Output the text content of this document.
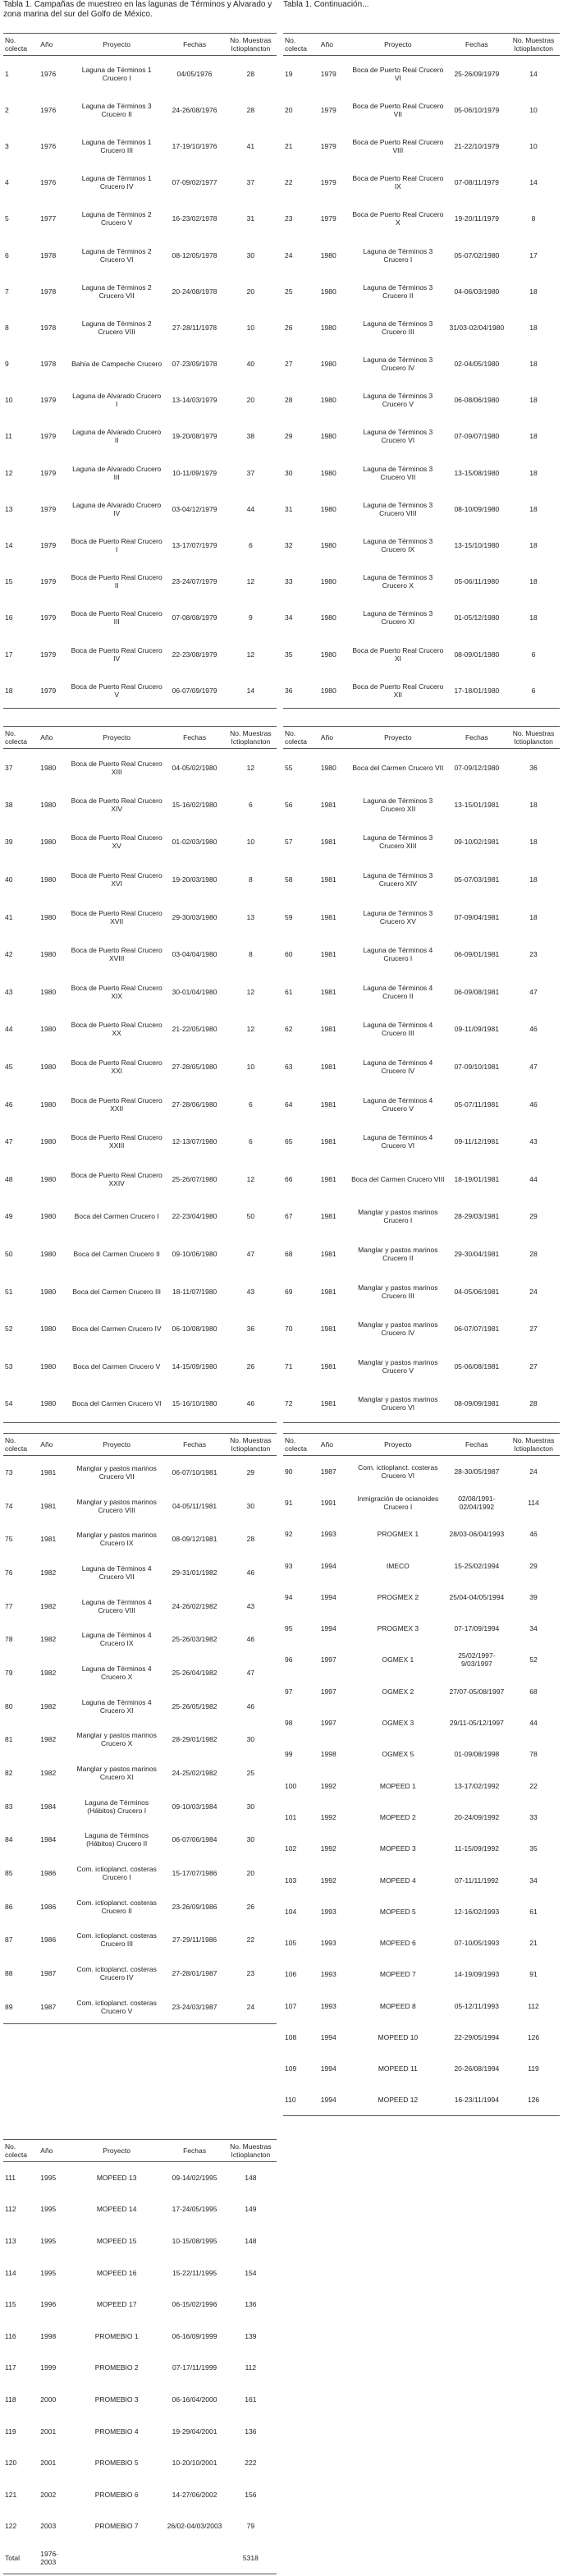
Tabla 1. Campañas de muestreo en las lagunas de Términos y Alvarado y zona marina del sur del Golfo de México.
Tabla 1. Continuación...
No. colecta	Año	Proyecto	Fechas	No. Muestras Ictioplancton
1	1976	Laguna de Términos 1 Crucero I	04/05/1976	28
2	1976	Laguna de Términos 3 Crucero II	24-26/08/1976	28
3	1976	Laguna de Términos 1 Crucero III	17-19/10/1976	41
4	1976	Laguna de Términos 1 Crucero IV	07-09/02/1977	37
5	1977	Laguna de Términos 2 Crucero V	16-23/02/1978	31
6	1978	Laguna de Términos 2 Crucero VI	08-12/05/1978	30
7	1978	Laguna de Términos 2 Crucero VII	20-24/08/1978	20
8	1978	Laguna de Términos 2 Crucero VIII	27-28/11/1978	10
9	1978	Bahía de Campeche Crucero	07-23/09/1978	40
10	1979	Laguna de Alvarado Crucero I	13-14/03/1979	20
11	1979	Laguna de Alvarado Crucero II	19-20/08/1979	38
12	1979	Laguna de Alvarado Crucero III	10-11/09/1979	37
13	1979	Laguna de Alvarado Crucero IV	03-04/12/1979	44
14	1979	Boca de Puerto Real Crucero I	13-17/07/1979	6
15	1979	Boca de Puerto Real Crucero II	23-24/07/1979	12
16	1979	Boca de Puerto Real Crucero III	07-08/08/1979	9
17	1979	Boca de Puerto Real Crucero IV	22-23/08/1979	12
18	1979	Boca de Puerto Real Crucero V	06-07/09/1979	14
No. colecta	Año	Proyecto	Fechas	No. Muestras Ictioplancton
19	1979	Boca de Puerto Real Crucero VI	25-26/09/1979	14
20	1979	Boca de Puerto Real Crucero VII	05-06/10/1979	10
21	1979	Boca de Puerto Real Crucero VIII	21-22/10/1979	10
22	1979	Boca de Puerto Real Crucero IX	07-08/11/1979	14
23	1979	Boca de Puerto Real Crucero X	19-20/11/1979	8
24	1980	Laguna de Términos 3 Crucero I	05-07/02/1980	17
25	1980	Laguna de Términos 3 Crucero II	04-06/03/1980	18
26	1980	Laguna de Términos 3 Crucero III	31/03-02/04/1980	18
27	1980	Laguna de Términos 3 Crucero IV	02-04/05/1980	18
28	1980	Laguna de Términos 3 Crucero V	06-08/06/1980	18
29	1980	Laguna de Términos 3 Crucero VI	07-09/07/1980	18
30	1980	Laguna de Términos 3 Crucero VII	13-15/08/1980	18
31	1980	Laguna de Términos 3 Crucero VIII	08-10/09/1980	18
32	1980	Laguna de Términos 3 Crucero IX	13-15/10/1980	18
33	1980	Laguna de Términos 3 Crucero X	05-06/11/1980	18
34	1980	Laguna de Términos 3 Crucero XI	01-05/12/1980	18
35	1980	Boca de Puerto Real Crucero XI	08-09/01/1980	6
36	1980	Boca de Puerto Real Crucero XII	17-18/01/1980	6
No. colecta	Año	Proyecto	Fechas	No. Muestras Ictioplancton
37	1980	Boca de Puerto Real Crucero XIII	04-05/02/1980	12
38	1980	Boca de Puerto Real Crucero XIV	15-16/02/1980	6
39	1980	Boca de Puerto Real Crucero XV	01-02/03/1980	10
40	1980	Boca de Puerto Real Crucero XVI	19-20/03/1980	8
41	1980	Boca de Puerto Real Crucero XVII	29-30/03/1980	13
42	1980	Boca de Puerto Real Crucero XVIII	03-04/04/1980	8
43	1980	Boca de Puerto Real Crucero XIX	30-01/04/1980	12
44	1980	Boca de Puerto Real Crucero XX	21-22/05/1980	12
45	1980	Boca de Puerto Real Crucero XXI	27-28/05/1980	10
46	1980	Boca de Puerto Real Crucero XXII	27-28/06/1980	6
47	1980	Boca de Puerto Real Crucero XXIII	12-13/07/1980	6
48	1980	Boca de Puerto Real Crucero XXIV	25-26/07/1980	12
49	1980	Boca del Carmen Crucero I	22-23/04/1980	50
50	1980	Boca del Carmen Crucero II	09-10/06/1980	47
51	1980	Boca del Carmen Crucero III	18-11/07/1980	43
52	1980	Boca del Carmen Crucero IV	06-10/08/1980	36
53	1980	Boca del Carmen Crucero V	14-15/09/1980	26
54	1980	Boca del Carmen Crucero VI	15-16/10/1980	46
No. colecta	Año	Proyecto	Fechas	No. Muestras Ictioplancton
55	1980	Boca del Carmen Crucero VII	07-09/12/1980	36
56	1981	Laguna de Términos 3 Crucero XII	13-15/01/1981	18
57	1981	Laguna de Términos 3 Crucero XIII	09-10/02/1981	18
58	1981	Laguna de Términos 3 Crucero XIV	05-07/03/1981	18
59	1981	Laguna de Términos 3 Crucero XV	07-09/04/1981	18
60	1981	Laguna de Términos 4 Crucero I	06-09/01/1981	23
61	1981	Laguna de Términos 4 Crucero II	06-09/08/1981	47
62	1981	Laguna de Términos 4 Crucero III	09-11/09/1981	46
63	1981	Laguna de Términos 4 Crucero IV	07-09/10/1981	47
64	1981	Laguna de Términos 4 Crucero V	05-07/11/1981	46
65	1981	Laguna de Términos 4 Crucero VI	09-11/12/1981	43
66	1981	Boca del Carmen Crucero VIII	18-19/01/1981	44
67	1981	Manglar y pastos marinos Crucero I	28-29/03/1981	29
68	1981	Manglar y pastos marinos Crucero II	29-30/04/1981	28
69	1981	Manglar y pastos marinos Crucero III	04-05/06/1981	24
70	1981	Manglar y pastos marinos Crucero IV	06-07/07/1981	27
71	1981	Manglar y pastos marinos Crucero V	05-06/08/1981	27
72	1981	Manglar y pastos marinos Crucero VI	08-09/09/1981	28
No. colecta	Año	Proyecto	Fechas	No. Muestras Ictioplancton
73	1981	Manglar y pastos marinos Crucero VII	06-07/10/1981	29
74	1981	Manglar y pastos marinos Crucero VIII	04-05/11/1981	30
75	1981	Manglar y pastos marinos Crucero IX	08-09/12/1981	28
76	1982	Laguna de Términos 4 Crucero VII	29-31/01/1982	46
77	1982	Laguna de Términos 4 Crucero VIII	24-26/02/1982	43
78	1982	Laguna de Términos 4 Crucero IX	25-26/03/1982	46
79	1982	Laguna de Términos 4 Crucero X	25-26/04/1982	47
80	1982	Laguna de Términos 4 Crucero XI	25-26/05/1982	46
81	1982	Manglar y pastos marinos Crucero X	28-29/01/1982	30
82	1982	Manglar y pastos marinos Crucero XI	24-25/02/1982	25
83	1984	Laguna de Términos (Hábitos) Crucero I	09-10/03/1984	30
84	1984	Laguna de Términos (Hábitos) Crucero II	06-07/06/1984	30
85	1986	Com. ictioplanct. costeras Crucero I	15-17/07/1986	20
86	1986	Com. ictioplanct. costeras Crucero II	23-26/09/1986	26
87	1986	Com. ictioplanct. costeras Crucero III	27-29/11/1986	22
88	1987	Com. ictioplanct. costeras Crucero IV	27-28/01/1987	23
89	1987	Com. ictioplanct. costeras Crucero V	23-24/03/1987	24
No. colecta	Año	Proyecto	Fechas	No. Muestras Ictioplancton
90	1987	Com. ictioplanct. costeras Crucero VI	28-30/05/1987	24
91	1991	Inmigración de ocianoides Crucero I	02/08/1991-02/04/1992	114
92	1993	PROGMEX 1	28/03-06/04/1993	46
93	1994	IMECO	15-25/02/1994	29
94	1994	PROGMEX 2	25/04-04/05/1994	39
95	1994	PROGMEX 3	07-17/09/1994	34
96	1997	OGMEX 1	25/02/1997-9/03/1997	52
97	1997	OGMEX 2	27/07-05/08/1997	68
98	1997	OGMEX 3	29/11-05/12/1997	44
99	1998	OGMEX 5	01-09/08/1998	78
100	1992	MOPEED 1	13-17/02/1992	22
101	1992	MOPEED 2	20-24/09/1992	33
102	1992	MOPEED 3	11-15/09/1992	35
103	1992	MOPEED 4	07-11/11/1992	34
104	1993	MOPEED 5	12-16/02/1993	61
105	1993	MOPEED 6	07-10/05/1993	21
106	1993	MOPEED 7	14-19/09/1993	91
107	1993	MOPEED 8	05-12/11/1993	112
108	1994	MOPEED 10	22-29/05/1994	126
109	1994	MOPEED 11	20-26/08/1994	119
110	1994	MOPEED 12	16-23/11/1994	126
No. colecta	Año	Proyecto	Fechas	No. Muestras Ictioplancton
111	1995	MOPEED 13	09-14/02/1995	148
112	1995	MOPEED 14	17-24/05/1995	149
113	1995	MOPEED 15	10-15/08/1995	148
114	1995	MOPEED 16	15-22/11/1995	154
115	1996	MOPEED 17	06-15/02/1996	136
116	1998	PROMEBIO 1	06-16/09/1999	139
117	1999	PROMEBIO 2	07-17/11/1999	112
118	2000	PROMEBIO 3	06-16/04/2000	161
119	2001	PROMEBIO 4	19-29/04/2001	136
120	2001	PROMEBIO 5	10-20/10/2001	222
121	2002	PROMEBIO 6	14-27/06/2002	156
122	2003	PROMEBIO 7	26/02-04/03/2003	79
Total	1976-2003			5318
